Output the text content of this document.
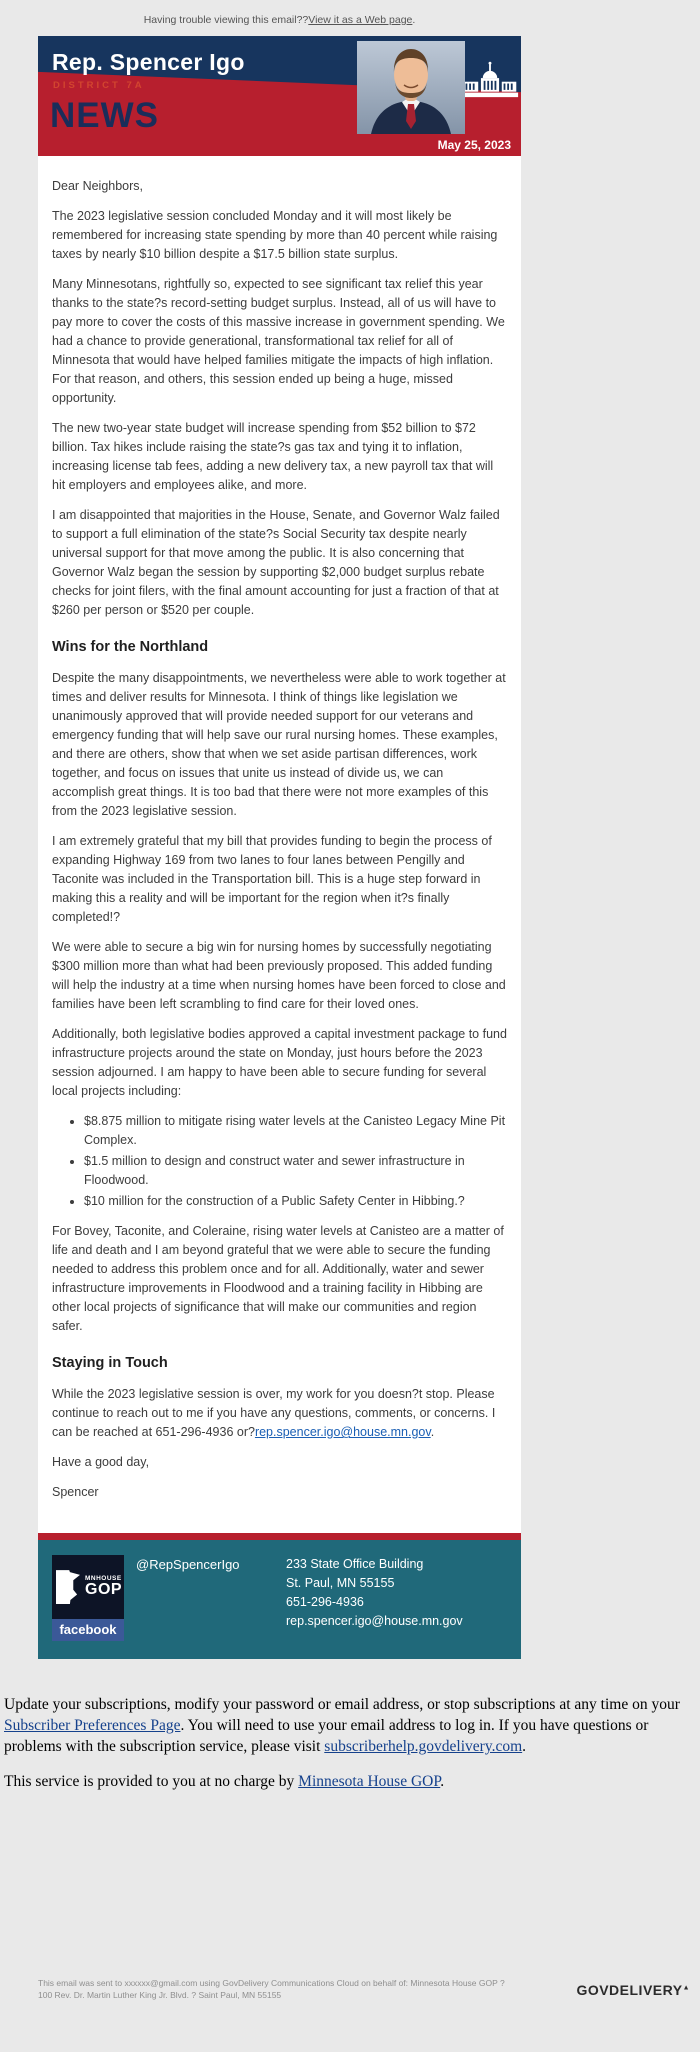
Having trouble viewing this email??View it as a Web page.
Rep. Spencer Igo
DISTRICT 7A
NEWS
May 25, 2023

Dear Neighbors,

The 2023 legislative session concluded Monday and it will most likely be remembered for increasing state spending by more than 40 percent while raising taxes by nearly $10 billion despite a $17.5 billion state surplus.

Many Minnesotans, rightfully so, expected to see significant tax relief this year thanks to the state?s record-setting budget surplus. Instead, all of us will have to pay more to cover the costs of this massive increase in government spending. We had a chance to provide generational, transformational tax relief for all of Minnesota that would have helped families mitigate the impacts of high inflation. For that reason, and others, this session ended up being a huge, missed opportunity.

The new two-year state budget will increase spending from $52 billion to $72 billion. Tax hikes include raising the state?s gas tax and tying it to inflation, increasing license tab fees, adding a new delivery tax, a new payroll tax that will hit employers and employees alike, and more.

I am disappointed that majorities in the House, Senate, and Governor Walz failed to support a full elimination of the state?s Social Security tax despite nearly universal support for that move among the public. It is also concerning that Governor Walz began the session by supporting $2,000 budget surplus rebate checks for joint filers, with the final amount accounting for just a fraction of that at $260 per person or $520 per couple.

Wins for the Northland

Despite the many disappointments, we nevertheless were able to work together at times and deliver results for Minnesota. I think of things like legislation we unanimously approved that will provide needed support for our veterans and emergency funding that will help save our rural nursing homes. These examples, and there are others, show that when we set aside partisan differences, work together, and focus on issues that unite us instead of divide us, we can accomplish great things. It is too bad that there were not more examples of this from the 2023 legislative session.

I am extremely grateful that my bill that provides funding to begin the process of expanding Highway 169 from two lanes to four lanes between Pengilly and Taconite was included in the Transportation bill. This is a huge step forward in making this a reality and will be important for the region when it?s finally completed!?

We were able to secure a big win for nursing homes by successfully negotiating $300 million more than what had been previously proposed. This added funding will help the industry at a time when nursing homes have been forced to close and families have been left scrambling to find care for their loved ones.

Additionally, both legislative bodies approved a capital investment package to fund infrastructure projects around the state on Monday, just hours before the 2023 session adjourned. I am happy to have been able to secure funding for several local projects including:

• $8.875 million to mitigate rising water levels at the Canisteo Legacy Mine Pit Complex.
• $1.5 million to design and construct water and sewer infrastructure in Floodwood.
• $10 million for the construction of a Public Safety Center in Hibbing.?

For Bovey, Taconite, and Coleraine, rising water levels at Canisteo are a matter of life and death and I am beyond grateful that we were able to secure the funding needed to address this problem once and for all. Additionally, water and sewer infrastructure improvements in Floodwood and a training facility in Hibbing are other local projects of significance that will make our communities and region safer.

Staying in Touch

While the 2023 legislative session is over, my work for you doesn?t stop. Please continue to reach out to me if you have any questions, comments, or concerns. I can be reached at 651-296-4936 or?rep.spencer.igo@house.mn.gov.

Have a good day,

Spencer

MNHOUSE
GOP
facebook
@RepSpencerIgo	233 State Office Building
St. Paul, MN 55155
651-296-4936
rep.spencer.igo@house.mn.gov

Update your subscriptions, modify your password or email address, or stop subscriptions at any time on your Subscriber Preferences Page. You will need to use your email address to log in. If you have questions or problems with the subscription service, please visit subscriberhelp.govdelivery.com.

This service is provided to you at no charge by Minnesota House GOP.

This email was sent to xxxxxx@gmail.com using GovDelivery Communications Cloud on behalf of: Minnesota House GOP ? 100 Rev. Dr. Martin Luther King Jr. Blvd. ? Saint Paul, MN 55155	GOVDELIVERY▲
